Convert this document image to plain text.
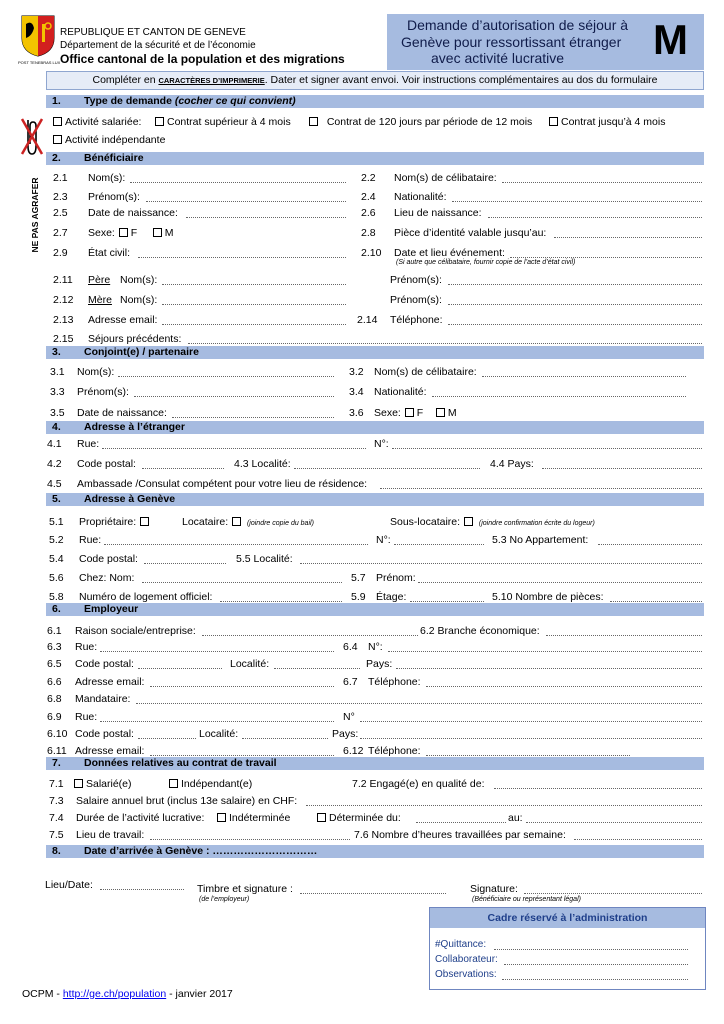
POST TENEBRAS LUX
REPUBLIQUE ET CANTON DE GENEVE
Département de la sécurité et de l’économie
Office cantonal de la population et des migrations
Demande d’autorisation de séjour à
Genève pour ressortissant étranger
avec activité lucrative M
Compléter en CARACTÈRES D’IMPRIMERIE. Dater et signer avant envoi. Voir instructions complémentaires au dos du formulaire
NE PAS AGRAFER
1. Type de demande (cocher ce qui convient)
Activité salariée:	Contrat supérieur à 4 mois	Contrat de 120 jours par période de 12 mois	Contrat jusqu’à 4 mois
Activité indépendante
2. Bénéficiaire
2.1 Nom(s):	2.2 Nom(s) de célibataire:
2.3 Prénom(s):	2.4 Nationalité:
2.5 Date de naissance:	2.6 Lieu de naissance:
2.7 Sexe: F	M	2.8 Pièce d’identité valable jusqu’au:
2.9 État civil:	2.10 Date et lieu événement:
(Si autre que célibataire, fournir copie de l’acte d’état civil)
2.11 Père Nom(s):	Prénom(s):
2.12 Mère Nom(s):	Prénom(s):
2.13 Adresse email:	2.14 Téléphone:
2.15 Séjours précédents:
3. Conjoint(e) / partenaire
3.1 Nom(s):	3.2 Nom(s) de célibataire:
3.3 Prénom(s):	3.4 Nationalité:
3.5 Date de naissance:	3.6 Sexe: F M
4. Adresse à l’étranger
4.1 Rue:	N°:
4.2 Code postal:	4.3 Localité:	4.4 Pays:
4.5 Ambassade /Consulat compétent pour votre lieu de résidence:
5. Adresse à Genève
5.1 Propriétaire:	Locataire:	(joindre copie du bail)	Sous-locataire:	(joindre confirmation écrite du logeur)
5.2 Rue:	N°:	5.3 No Appartement:
5.4 Code postal:	5.5 Localité:
5.6 Chez: Nom:	5.7 Prénom:
5.8 Numéro de logement officiel:	5.9 Étage:	5.10 Nombre de pièces:
6. Employeur
6.1 Raison sociale/entreprise:	6.2 Branche économique:
6.3 Rue:	6.4 N°:
6.5 Code postal:	Localité:	Pays:
6.6 Adresse email:	6.7 Téléphone:
6.8 Mandataire:
6.9 Rue:	N°
6.10 Code postal:	Localité:	Pays:
6.11 Adresse email:	6.12 Téléphone:
7. Données relatives au contrat de travail
7.1	Salarié(e)	Indépendant(e)	7.2 Engagé(e) en qualité de:
7.3 Salaire annuel brut (inclus 13e salaire) en CHF:
7.4 Durée de l’activité lucrative:	Indéterminée	Déterminée du:	au:
7.5 Lieu de travail:	7.6 Nombre d’heures travaillées par semaine:
8. Date d’arrivée à Genève : …………………………
Lieu/Date:	Timbre et signature :
(de l’employeur)
Signature:
(Bénéficiaire ou représentant légal)
Cadre réservé à l’administration
#Quittance:
Collaborateur:
Observations:
OCPM - http://ge.ch/population - janvier 2017
